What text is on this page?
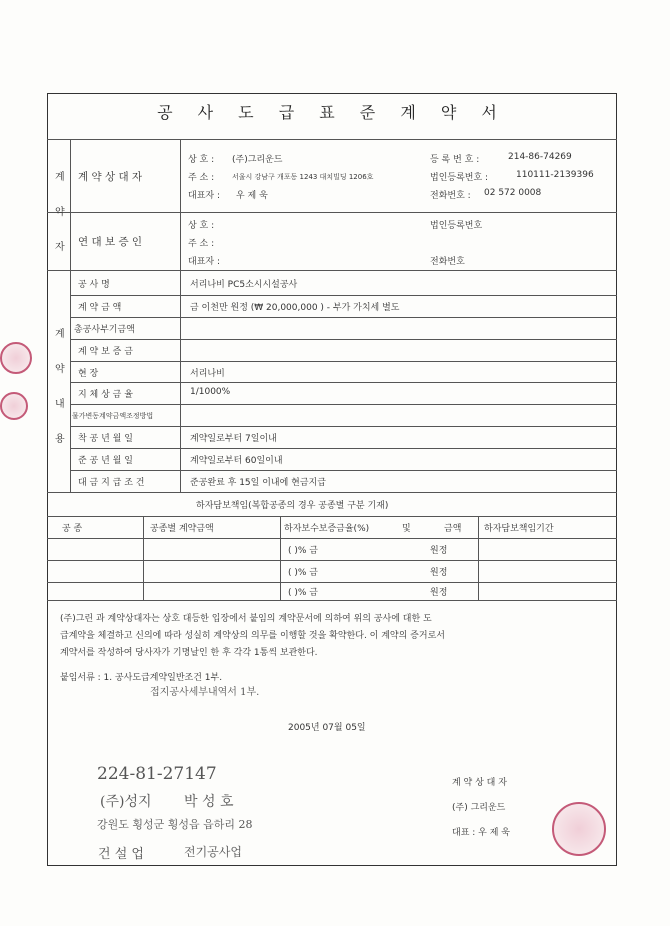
공 사 도 급 표 준 계 약 서
계
약
자
계 약 상 대 자
상 호 : (주)그리운드
주 소 :	서울시 강남구 개포동 1243 대치빌딩 1206호
대표자 : 우 제 욱
등 록 번 호 :	214-86-74269
법인등록번호 :	110111-2139396
전화번호 : 02 572 0008
연 대 보 증 인
상 호 :
주 소 :
대표자 :
법인등록번호
전화번호
계
약
내
용
공 사 명	서리나비 PC5소시시설공사
계 약 금 액	금 이천만 원정 (₩ 20,000,000 ) - 부가 가치세 별도
총공사부기금액
계 약 보 증 금
현 장	서리나비
지 체 상 금 율	1/1000%
물가변동계약금액조정방법
착 공 년 월 일	계약일로부터 7일이내
준 공 년 월 일	계약일로부터 60일이내
대 금 지 급 조 건	준공완료 후 15일 이내에 현금지급
하자담보책임(복합공종의 경우 공종별 구분 기재)
공 종	공종별 계약금액	하자보수보증금율(%)	및	금액	하자담보책임기간
( )% 금	원정
( )% 금	원정
( )% 금	원정
(주)그린 과 계약상대자는 상호 대등한 입장에서 붙임의 계약문서에 의하여 위의 공사에 대한 도
급계약을 체결하고 신의에 따라 성실히 계약상의 의무를 이행할 것을 확약한다. 이 계약의 증거로서
계약서를 작성하여 당사자가 기명날인 한 후 각각 1통씩 보관한다.
붙임서류 : 1. 공사도급계약일반조건 1부.
접지공사세부내역서 1부.
2005년 07월 05일
224-81-27147
(주)성지 박 성 호
강원도 횡성군 횡성읍 읍하리 28
건 설 업	전기공사업
계 약 상 대 자
(주) 그리운드
대표 : 우 제 욱
